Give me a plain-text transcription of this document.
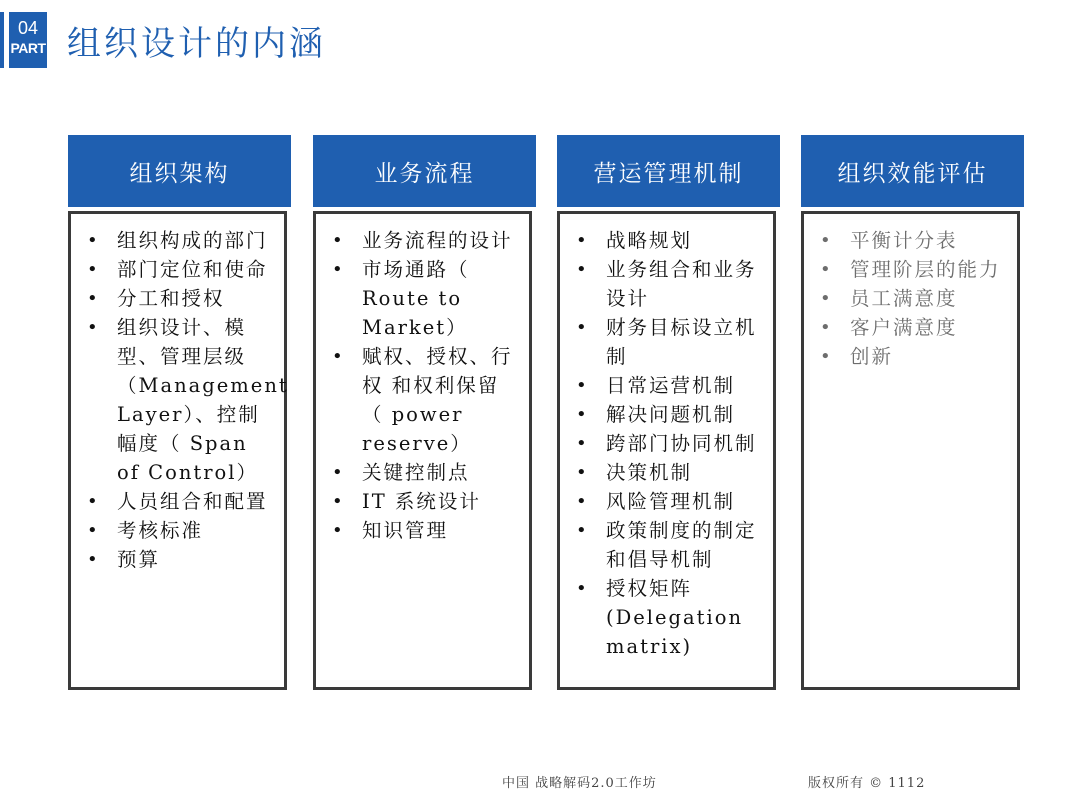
04
PART 组织设计的内涵
组织架构
• 组织构成的部门
• 部门定位和使命
• 分工和授权
• 组织设计、模型、管理层级（Management Layer）、控制幅度（ Span of Control）
• 人员组合和配置
• 考核标准
• 预算
业务流程
• 业务流程的设计
• 市场通路（ Route to Market）
• 赋权、授权、行权 和权利保留 （ power reserve）
• 关键控制点
• IT 系统设计
• 知识管理
营运管理机制
• 战略规划
• 业务组合和业务设计
• 财务目标设立机制
• 日常运营机制
• 解决问题机制
• 跨部门协同机制
• 决策机制
• 风险管理机制
• 政策制度的制定和倡导机制
• 授权矩阵 (Delegation matrix)
组织效能评估
• 平衡计分表
• 管理阶层的能力
• 员工满意度
• 客户满意度
• 创新
中国 战略解码2.0工作坊	版权所有 © 1112
